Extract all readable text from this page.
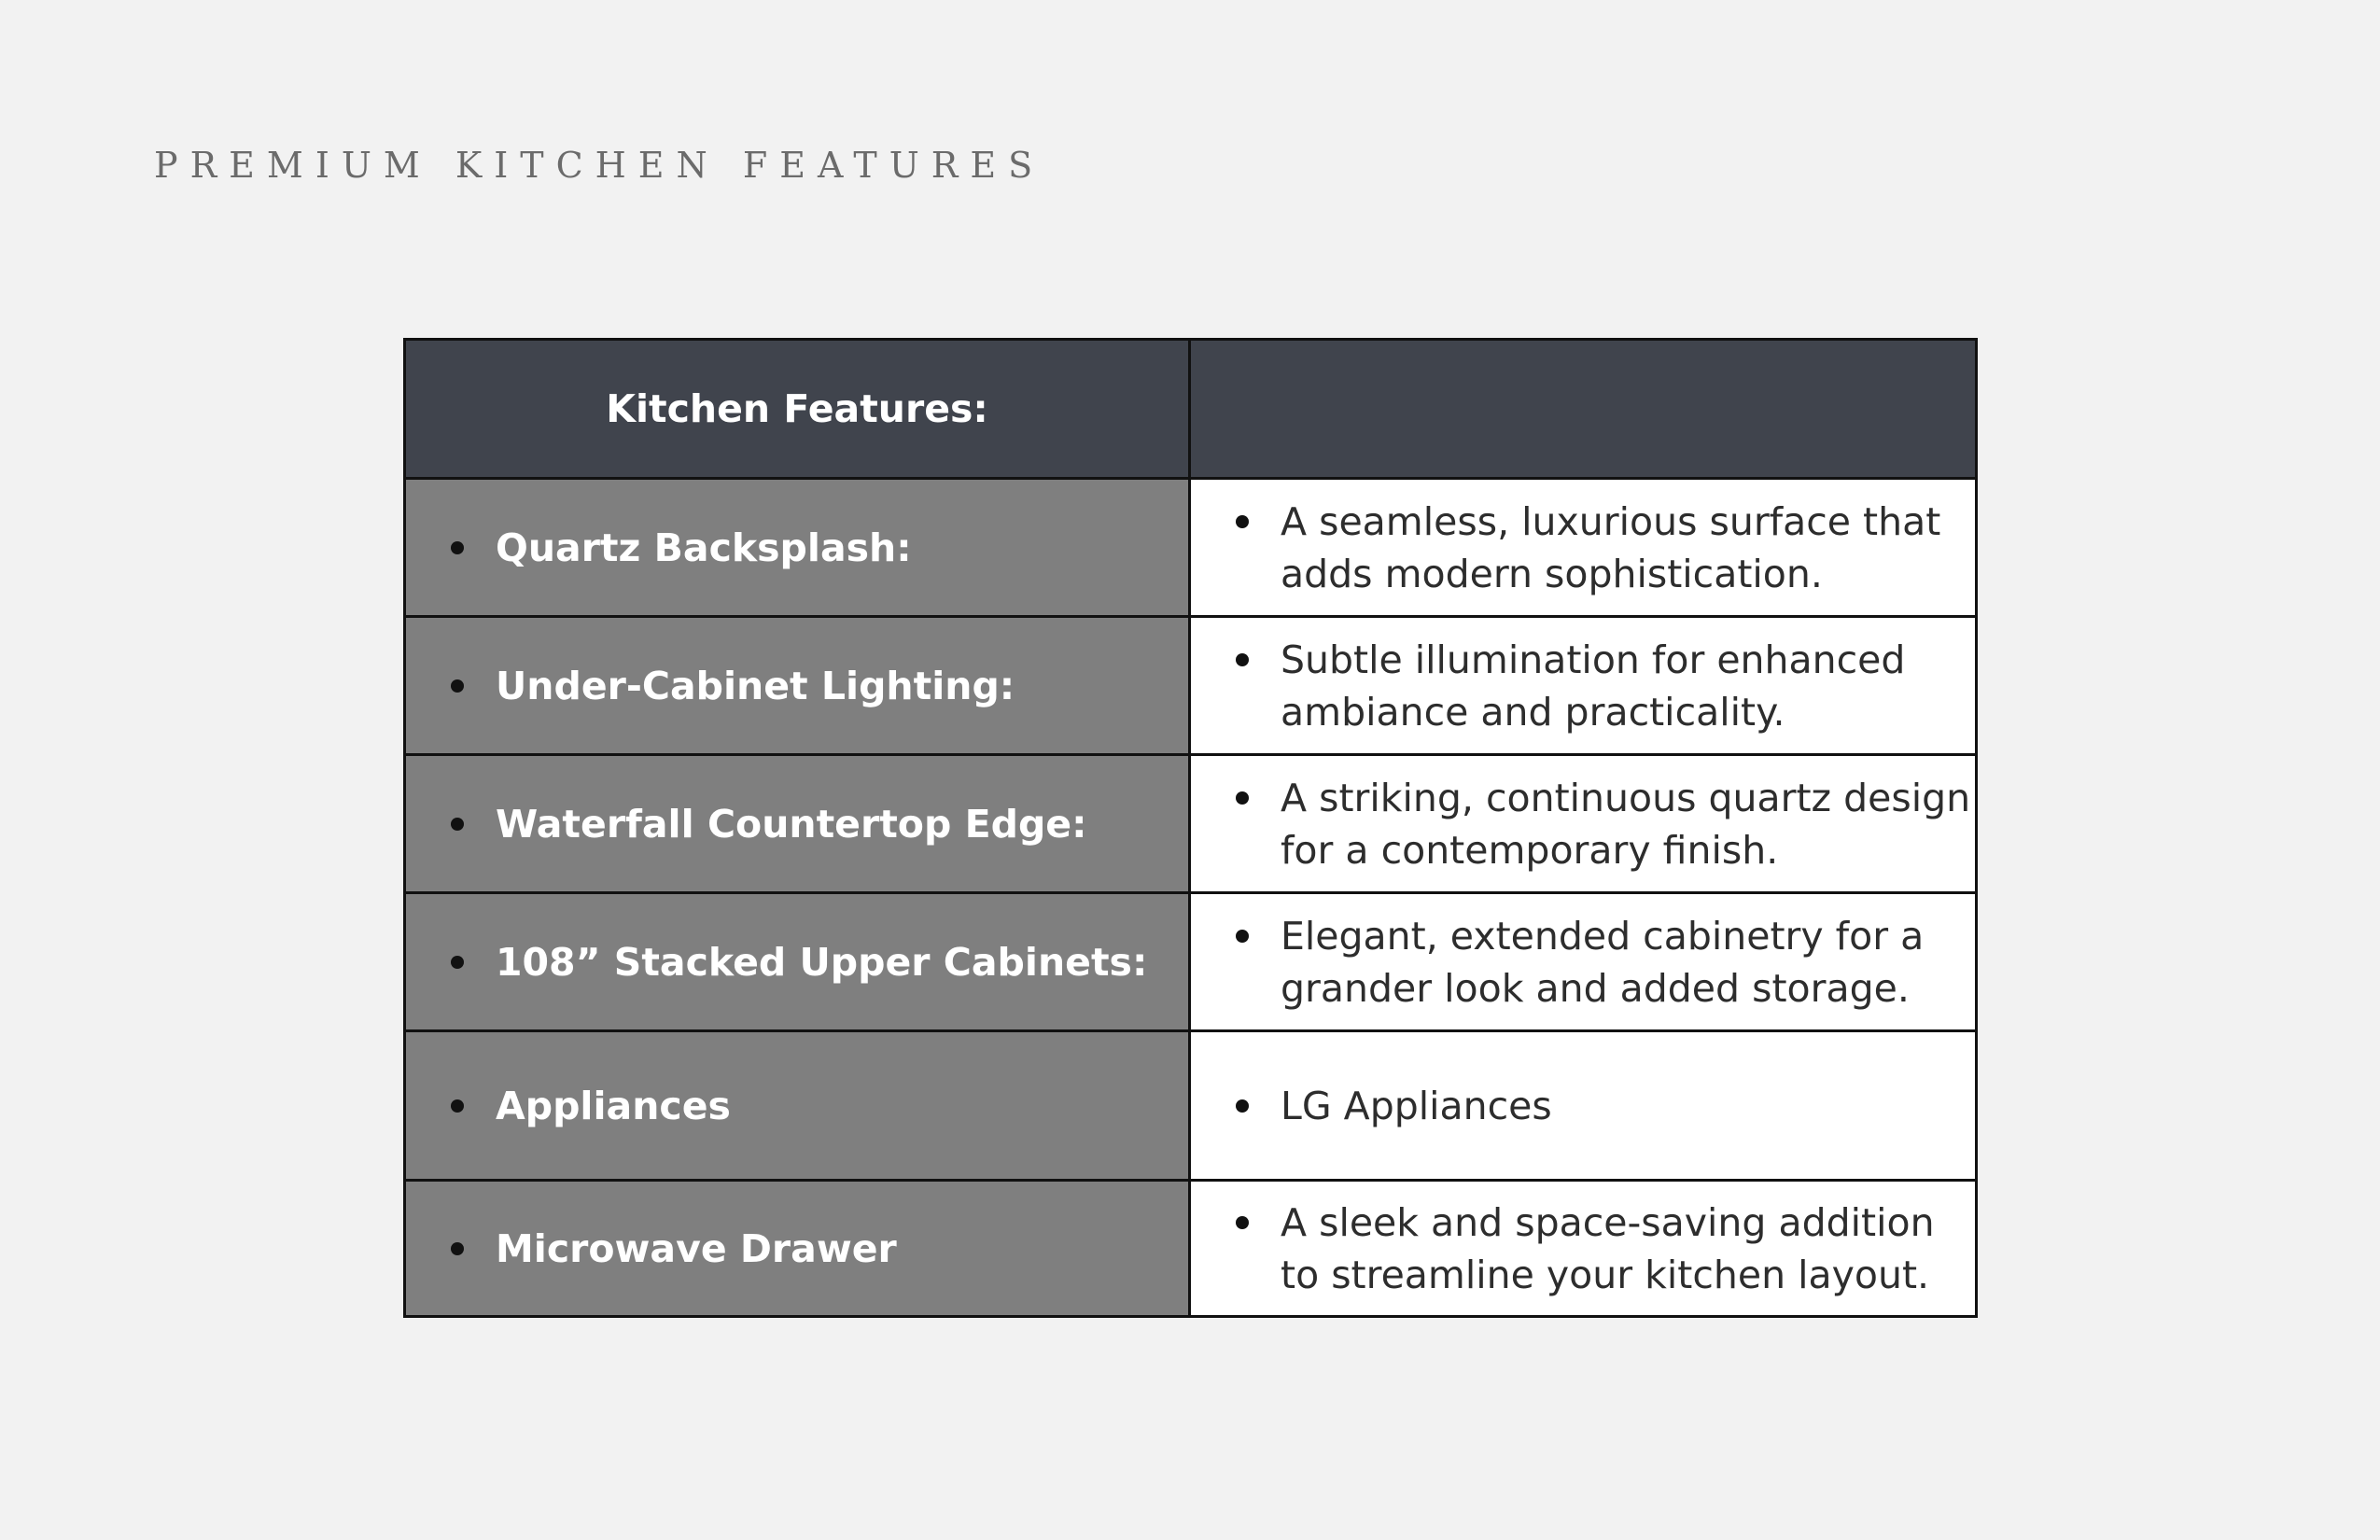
PREMIUM KITCHEN FEATURES
Kitchen Features:	

Quartz Backsplash:	A seamless, luxurious surface that
adds modern sophistication.

Under-Cabinet Lighting:	Subtle illumination for enhanced
ambiance and practicality.

Waterfall Countertop Edge:	A striking, continuous quartz design
for a contemporary finish.

108” Stacked Upper Cabinets:	Elegant, extended cabinetry for a
grander look and added storage.

Appliances	LG Appliances

Microwave Drawer	A sleek and space-saving addition
to streamline your kitchen layout.
